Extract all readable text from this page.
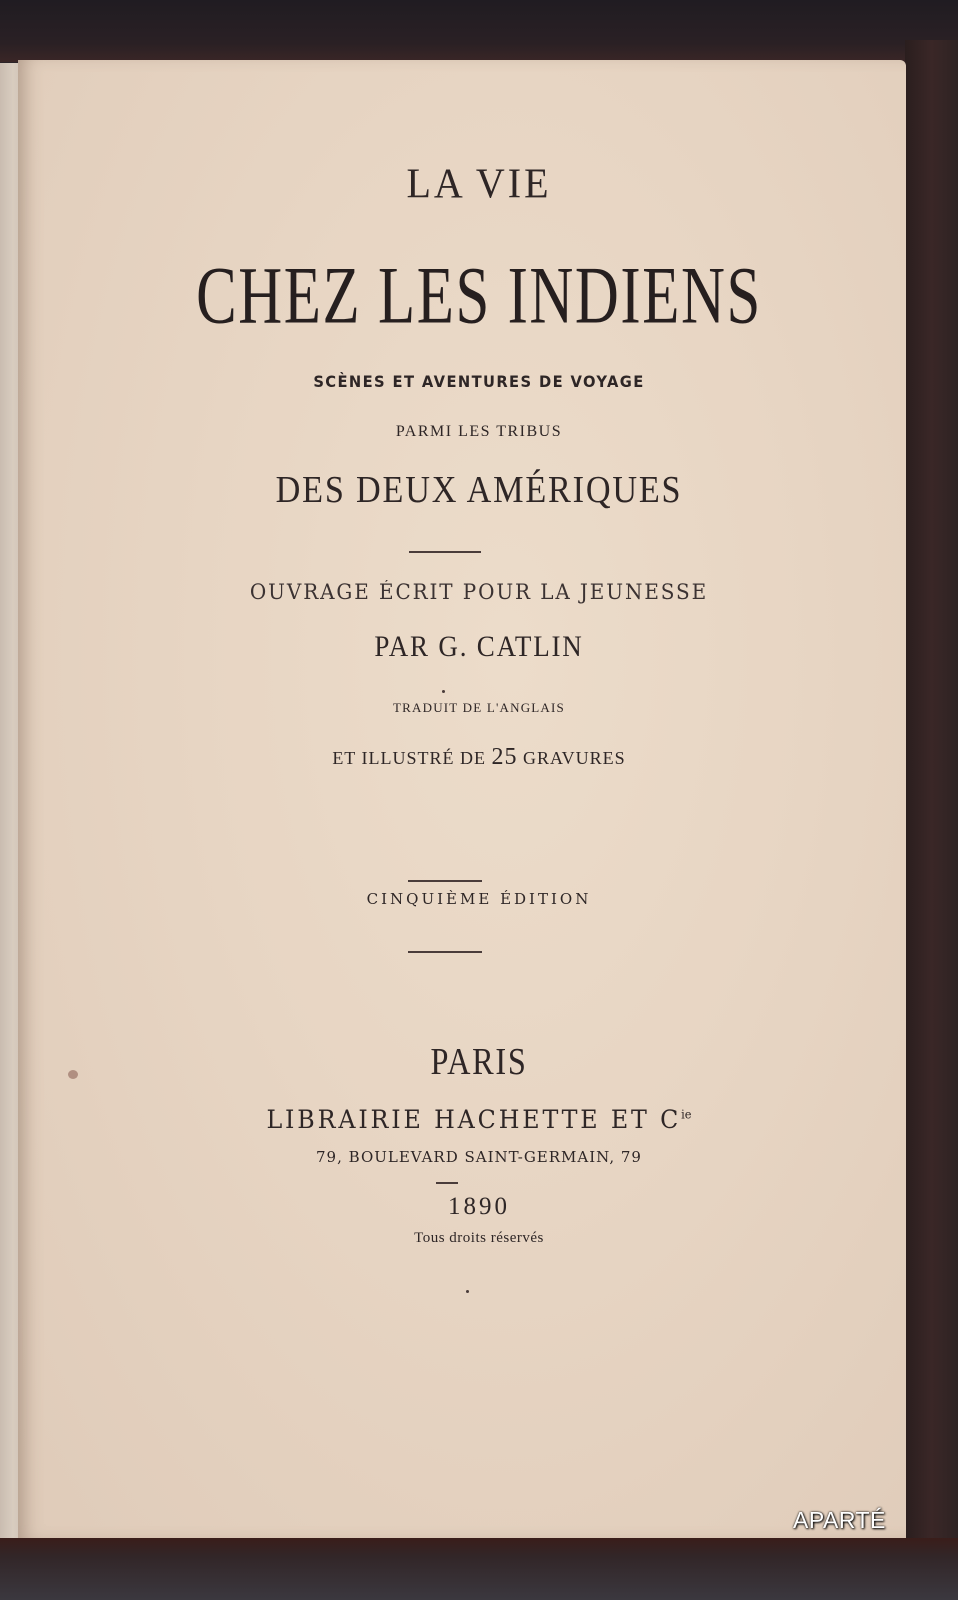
LA VIE
CHEZ LES INDIENS
SCÈNES ET AVENTURES DE VOYAGE
PARMI LES TRIBUS
DES DEUX AMÉRIQUES
OUVRAGE ÉCRIT POUR LA JEUNESSE
PAR G. CATLIN
TRADUIT DE L'ANGLAIS
ET ILLUSTRÉ DE 25 GRAVURES
CINQUIÈME ÉDITION
PARIS
LIBRAIRIE HACHETTE ET $C^{ie}$
79, BOULEVARD SAINT-GERMAIN, 79
1890
Tous droits réservés
APARTÉ
